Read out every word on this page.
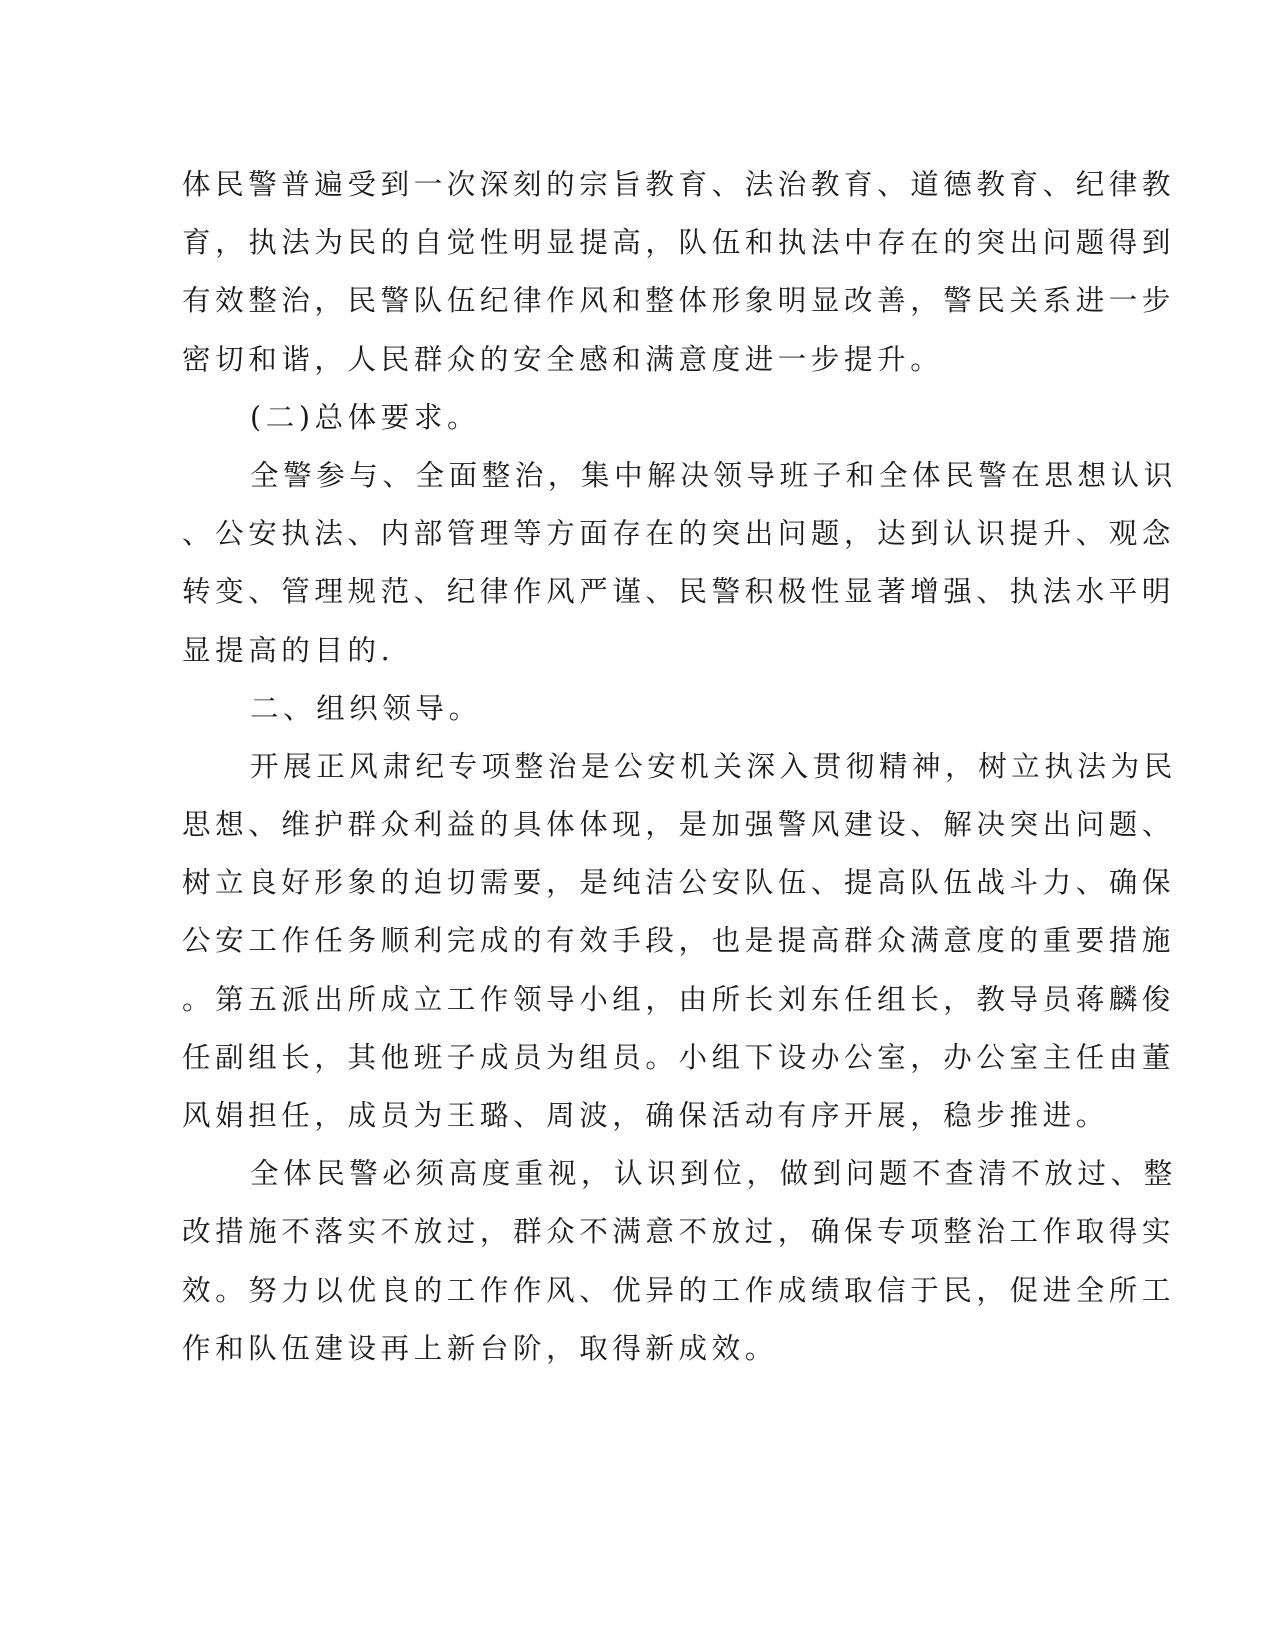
体民警普遍受到一次深刻的宗旨教育、法治教育、道德教育、纪律教
育，执法为民的自觉性明显提高，队伍和执法中存在的突出问题得到
有效整治，民警队伍纪律作风和整体形象明显改善，警民关系进一步
密切和谐，人民群众的安全感和满意度进一步提升。
(二)总体要求。
全警参与、全面整治，集中解决领导班子和全体民警在思想认识
、公安执法、内部管理等方面存在的突出问题，达到认识提升、观念
转变、管理规范、纪律作风严谨、民警积极性显著增强、执法水平明
显提高的目的.
二、组织领导。
开展正风肃纪专项整治是公安机关深入贯彻精神，树立执法为民
思想、维护群众利益的具体体现，是加强警风建设、解决突出问题、
树立良好形象的迫切需要，是纯洁公安队伍、提高队伍战斗力、确保
公安工作任务顺利完成的有效手段，也是提高群众满意度的重要措施
。第五派出所成立工作领导小组，由所长刘东任组长，教导员蒋麟俊
任副组长，其他班子成员为组员。小组下设办公室，办公室主任由董
风娟担任，成员为王璐、周波，确保活动有序开展，稳步推进。
全体民警必须高度重视，认识到位，做到问题不查清不放过、整
改措施不落实不放过，群众不满意不放过，确保专项整治工作取得实
效。努力以优良的工作作风、优异的工作成绩取信于民，促进全所工
作和队伍建设再上新台阶，取得新成效。
